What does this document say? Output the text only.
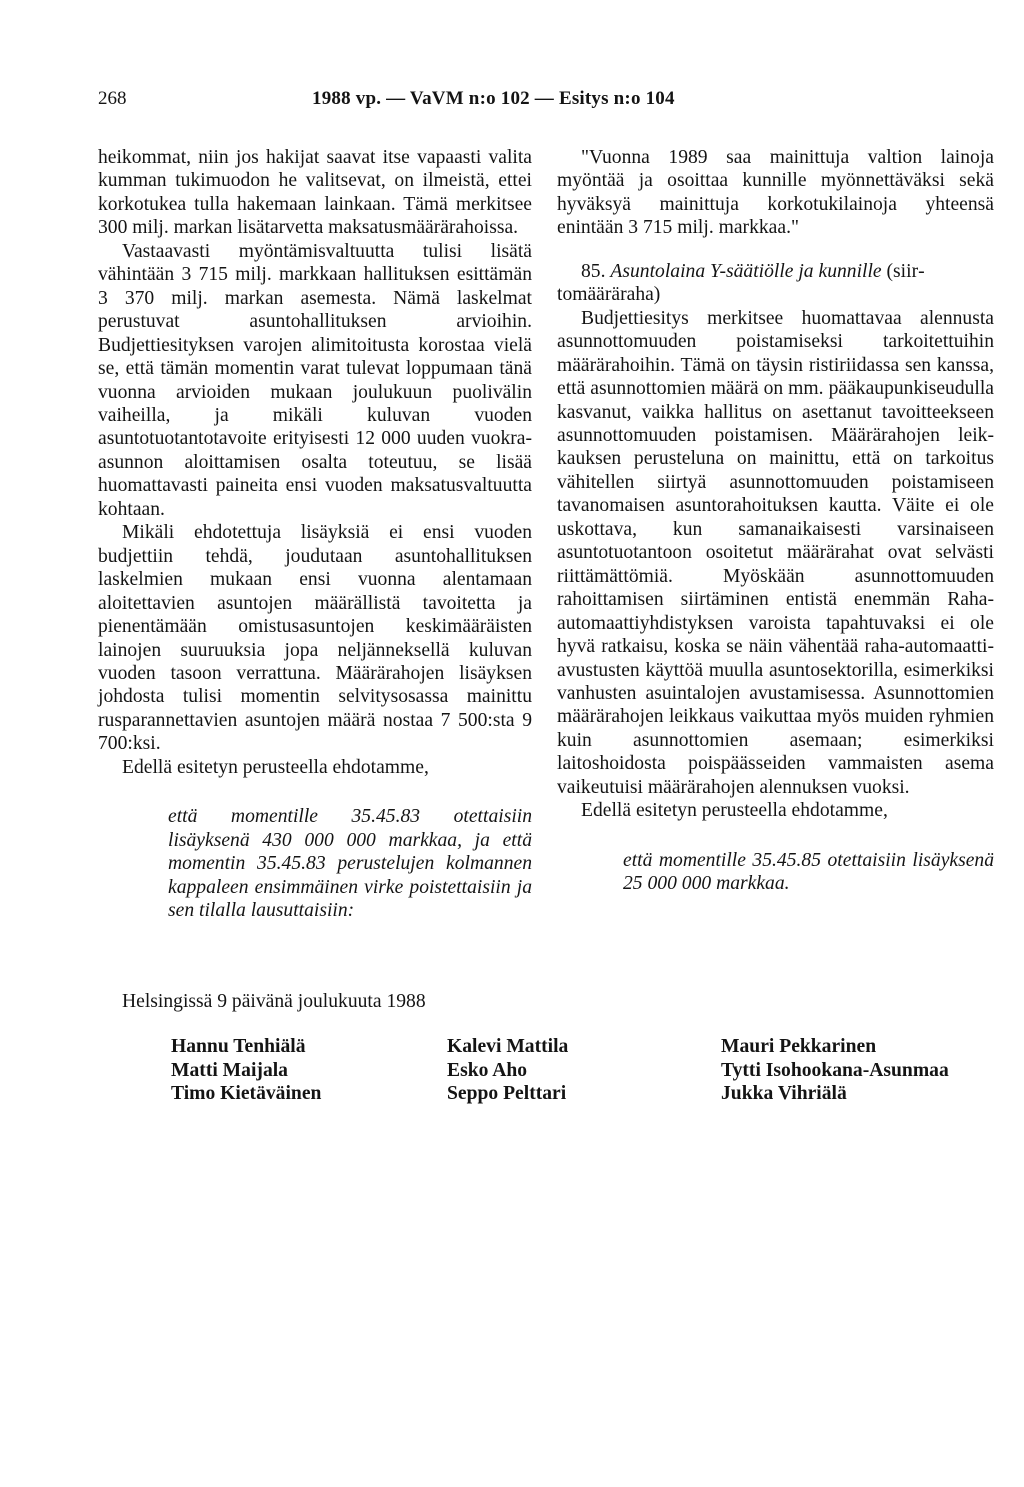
268	1988 vp. — VaVM n:o 102 — Esitys n:o 104

heikommat, niin jos hakijat saavat itse vapaasti valita kumman tukimuodon he valitsevat, on ilmeistä, ettei korkotukea tulla hakemaan lainkaan. Tämä merkitsee 300 milj. markan lisätarvetta maksatusmäärärahoissa.

Vastaavasti myöntämisvaltuutta tulisi lisätä vähintään 3 715 milj. markkaan hallituksen esittämän 3 370 milj. markan asemesta. Nämä laskelmat perustuvat asuntohallituksen arvioihin. Budjettiesityksen varojen alimitoitusta korostaa vielä se, että tämän momentin varat tulevat loppumaan tänä vuonna arvioiden mukaan joulukuun puolivälin vaiheilla, ja mikäli kuluvan vuoden asuntotuotantotavoite erityisesti 12 000 uuden vuokra-asunnon aloittamisen osalta toteutuu, se lisää huomattavasti paineita ensi vuoden maksatusvaltuutta kohtaan.

Mikäli ehdotettuja lisäyksiä ei ensi vuoden budjettiin tehdä, joudutaan asuntohallituksen laskelmien mukaan ensi vuonna alentamaan aloitettavien asuntojen määrällistä tavoitetta ja pienentämään omistusasuntojen keskimääräisten lainojen suuruuksia jopa neljänneksellä kuluvan vuoden tasoon verrattuna. Määrärahojen lisäyksen johdosta tulisi momentin selvitysosassa mainittu rusparannettavien asuntojen määrä nostaa 7 500:sta 9 700:ksi.

Edellä esitetyn perusteella ehdotamme,

että momentille 35.45.83 otettaisiin lisäyksenä 430 000 000 markkaa, ja että momentin 35.45.83 perustelujen kolmannen kappaleen ensimmäinen virke poistettaisiin ja sen tilalla lausuttaisiin:

"Vuonna 1989 saa mainittuja valtion lainoja myöntää ja osoittaa kunnille myönnettäväksi sekä hyväksyä mainittuja korkotukilainoja yhteensä enintään 3 715 milj. markkaa."

85. Asuntolaina Y-säätiölle ja kunnille (siirtomääräraha)

Budjettiesitys merkitsee huomattavaa alennusta asunnottomuuden poistamiseksi tarkoitettuihin määrärahoihin. Tämä on täysin ristiriidassa sen kanssa, että asunnottomien määrä on mm. pääkaupunkiseudulla kasvanut, vaikka hallitus on asettanut tavoitteekseen asunnottomuuden poistamisen. Määrärahojen leikkauksen perusteluna on mainittu, että on tarkoitus vähitellen siirtyä asunnottomuuden poistamiseen tavanomaisen asuntorahoituksen kautta. Väite ei ole uskottava, kun samanaikaisesti varsinaiseen asuntotuotantoon osoitetut määrärahat ovat selvästi riittämättömiä. Myöskään asunnottomuuden rahoittamisen siirtäminen entistä enemmän Raha-automaattiyhdistyksen varoista tapahtuvaksi ei ole hyvä ratkaisu, koska se näin vähentää raha-automaattiavustusten käyttöä muulla asuntosektorilla, esimerkiksi vanhusten asuintalojen avustamisessa. Asunnottomien määrärahojen leikkaus vaikuttaa myös muiden ryhmien kuin asunnottomien asemaan; esimerkiksi laitoshoidosta poispäässeiden vammaisten asema vaikeutuisi määrärahojen alennuksen vuoksi.

Edellä esitetyn perusteella ehdotamme,

että momentille 35.45.85 otettaisiin lisäyksenä 25 000 000 markkaa.

Helsingissä 9 päivänä joulukuuta 1988
Hannu Tenhiälä
Matti Maijala
Timo Kietäväinen
Kalevi Mattila
Esko Aho
Seppo Pelttari
Mauri Pekkarinen
Tytti Isohookana-Asunmaa
Jukka Vihriälä
